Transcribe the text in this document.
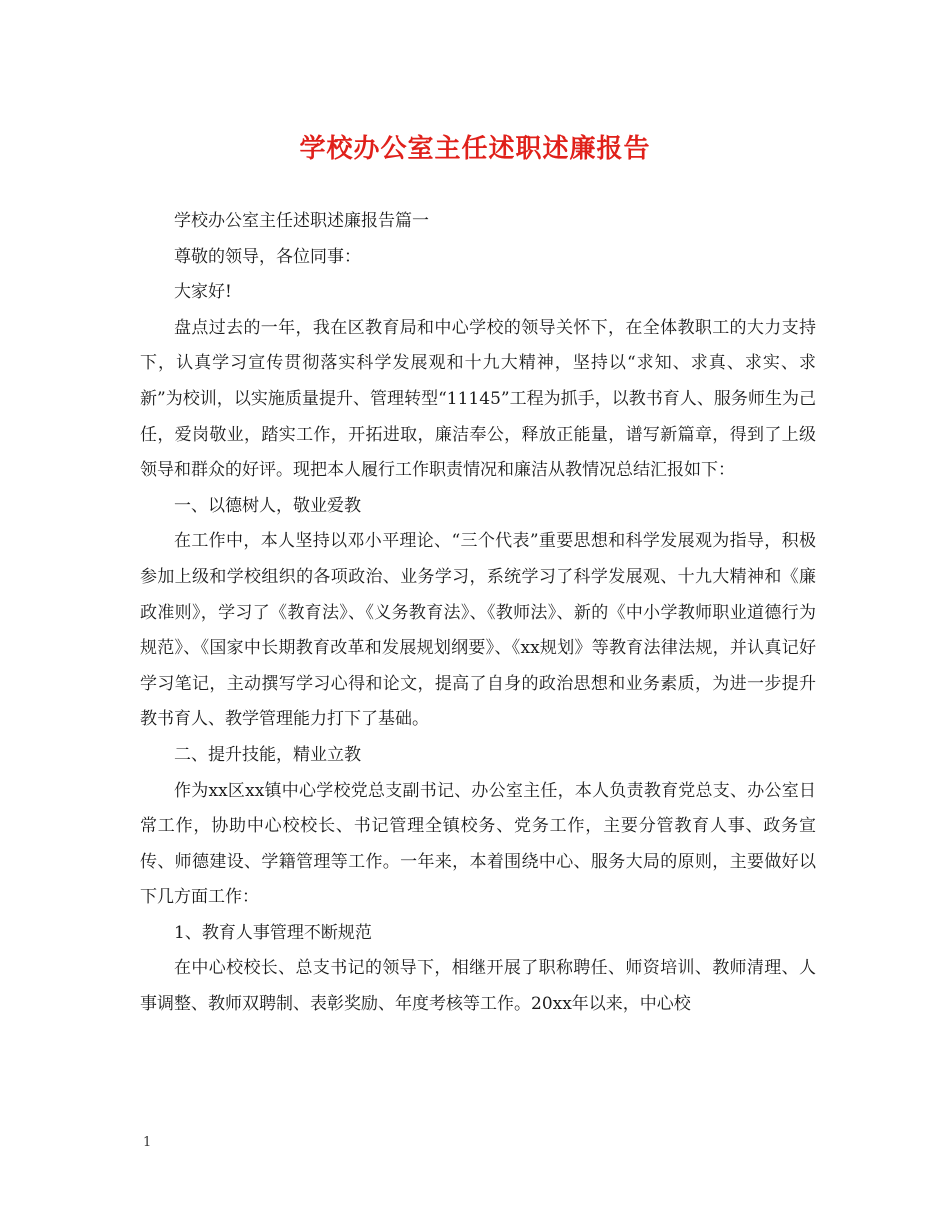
学校办公室主任述职述廉报告

学校办公室主任述职述廉报告篇一

尊敬的领导，各位同事：

大家好!

盘点过去的一年，我在区教育局和中心学校的领导关怀下，在全体教职工的大力支持下，认真学习宣传贯彻落实科学发展观和十九大精神，坚持以“求知、求真、求实、求新”为校训，以实施质量提升、管理转型“11145”工程为抓手，以教书育人、服务师生为己任，爱岗敬业，踏实工作，开拓进取，廉洁奉公，释放正能量，谱写新篇章，得到了上级领导和群众的好评。现把本人履行工作职责情况和廉洁从教情况总结汇报如下：

一、以德树人，敬业爱教

在工作中，本人坚持以邓小平理论、“三个代表”重要思想和科学发展观为指导，积极参加上级和学校组织的各项政治、业务学习，系统学习了科学发展观、十九大精神和《廉政准则》，学习了《教育法》、《义务教育法》、《教师法》、新的《中小学教师职业道德行为规范》、《国家中长期教育改革和发展规划纲要》、《xx规划》等教育法律法规，并认真记好学习笔记，主动撰写学习心得和论文，提高了自身的政治思想和业务素质，为进一步提升教书育人、教学管理能力打下了基础。

二、提升技能，精业立教

作为xx区xx镇中心学校党总支副书记、办公室主任，本人负责教育党总支、办公室日常工作，协助中心校校长、书记管理全镇校务、党务工作，主要分管教育人事、政务宣传、师德建设、学籍管理等工作。一年来，本着围绕中心、服务大局的原则，主要做好以下几方面工作：

1、教育人事管理不断规范

在中心校校长、总支书记的领导下，相继开展了职称聘任、师资培训、教师清理、人事调整、教师双聘制、表彰奖励、年度考核等工作。20xx年以来，中心校

1
